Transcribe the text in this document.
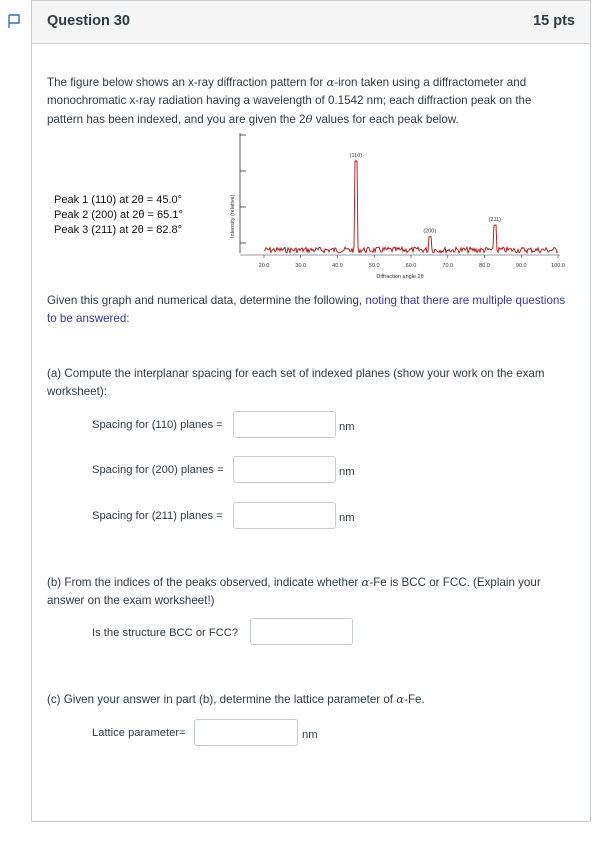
Question 30	15 pts
The figure below shows an x-ray diffraction pattern for α-iron taken using a diffractometer and monochromatic x-ray radiation having a wavelength of 0.1542 nm; each diffraction peak on the pattern has been indexed, and you are given the 2θ values for each peak below.
Peak 1 (110) at 2θ = 45.0°
Peak 2 (200) at 2θ = 65.1°
Peak 3 (211) at 2θ = 82.8°	Intensity (relative)
20.0	30.0	40.0	50.0	60.0	70.0	80.0	90.0	100.0
(110)
(200)
(211)
Diffraction angle 2θ
Given this graph and numerical data, determine the following, noting that there are multiple questions to be answered:
(a) Compute the interplanar spacing for each set of indexed planes (show your work on the exam worksheet):
Spacing for (110) planes =	nm
Spacing for (200) planes =	nm
Spacing for (211) planes =	nm
(b) From the indices of the peaks observed, indicate whether α-Fe is BCC or FCC. (Explain your answer on the exam worksheet!)
Is the structure BCC or FCC?
(c) Given your answer in part (b), determine the lattice parameter of α-Fe.
Lattice parameter=	nm
